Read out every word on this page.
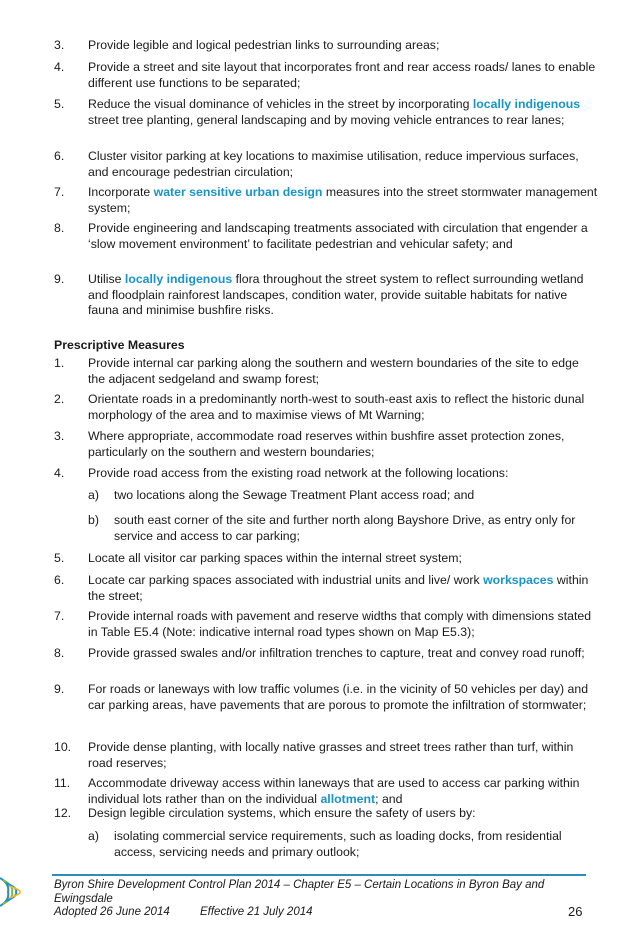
3. Provide legible and logical pedestrian links to surrounding areas;
4. Provide a street and site layout that incorporates front and rear access roads/ lanes to enable different use functions to be separated;
5. Reduce the visual dominance of vehicles in the street by incorporating locally indigenous street tree planting, general landscaping and by moving vehicle entrances to rear lanes;
6. Cluster visitor parking at key locations to maximise utilisation, reduce impervious surfaces, and encourage pedestrian circulation;
7. Incorporate water sensitive urban design measures into the street stormwater management system;
8. Provide engineering and landscaping treatments associated with circulation that engender a ‘slow movement environment’ to facilitate pedestrian and vehicular safety; and
9. Utilise locally indigenous flora throughout the street system to reflect surrounding wetland and floodplain rainforest landscapes, condition water, provide suitable habitats for native fauna and minimise bushfire risks.
Prescriptive Measures
1. Provide internal car parking along the southern and western boundaries of the site to edge the adjacent sedgeland and swamp forest;
2. Orientate roads in a predominantly north-west to south-east axis to reflect the historic dunal morphology of the area and to maximise views of Mt Warning;
3. Where appropriate, accommodate road reserves within bushfire asset protection zones, particularly on the southern and western boundaries;
4. Provide road access from the existing road network at the following locations:
a) two locations along the Sewage Treatment Plant access road; and
b) south east corner of the site and further north along Bayshore Drive, as entry only for service and access to car parking;
5. Locate all visitor car parking spaces within the internal street system;
6. Locate car parking spaces associated with industrial units and live/ work workspaces within the street;
7. Provide internal roads with pavement and reserve widths that comply with dimensions stated in Table E5.4 (Note: indicative internal road types shown on Map E5.3);
8. Provide grassed swales and/or infiltration trenches to capture, treat and convey road runoff;
9. For roads or laneways with low traffic volumes (i.e. in the vicinity of 50 vehicles per day) and car parking areas, have pavements that are porous to promote the infiltration of stormwater;
10. Provide dense planting, with locally native grasses and street trees rather than turf, within road reserves;
11. Accommodate driveway access within laneways that are used to access car parking within individual lots rather than on the individual allotment; and
12. Design legible circulation systems, which ensure the safety of users by:
a) isolating commercial service requirements, such as loading docks, from residential access, servicing needs and primary outlook;
Byron Shire Development Control Plan 2014 – Chapter E5 – Certain Locations in Byron Bay and Ewingsdale
Adopted 26 June 2014	Effective 21 July 2014	26
